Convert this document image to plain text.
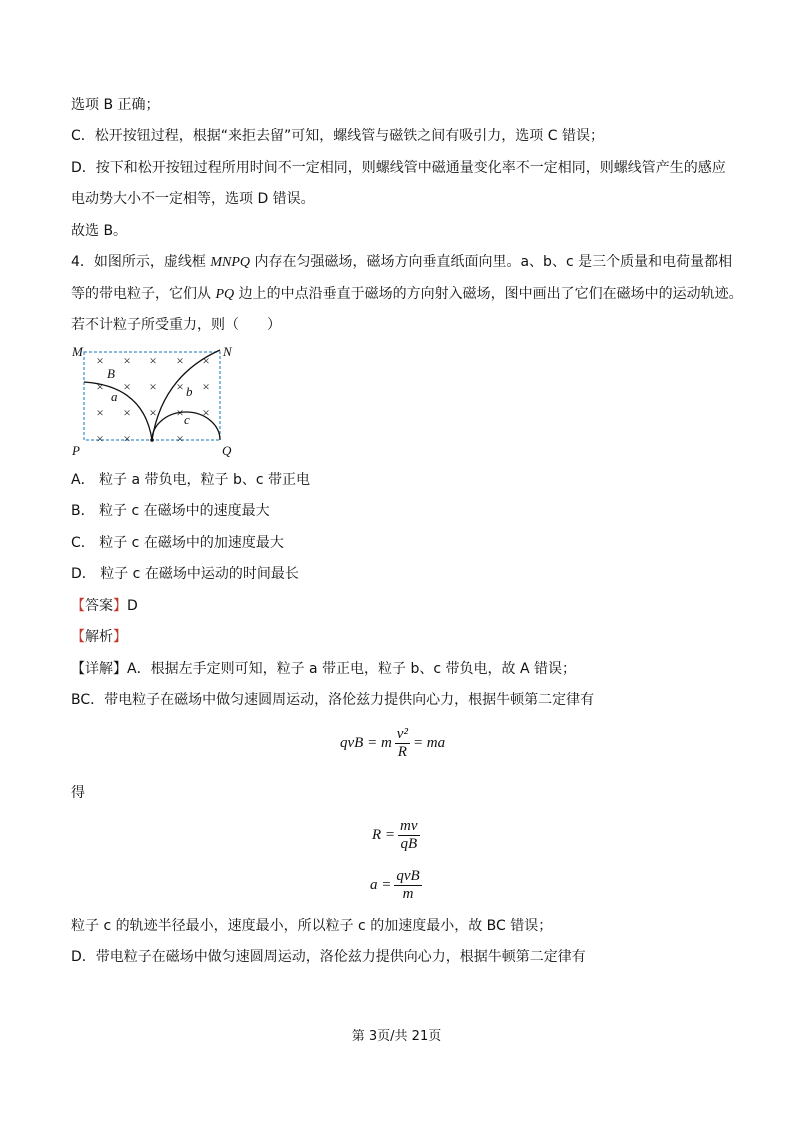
选项 B 正确；
C．松开按钮过程，根据“来拒去留”可知，螺线管与磁铁之间有吸引力，选项 C 错误；
D．按下和松开按钮过程所用时间不一定相同，则螺线管中磁通量变化率不一定相同，则螺线管产生的感应
电动势大小不一定相等，选项 D 错误。
故选 B。
4．如图所示，虚线框 MNPQ 内存在匀强磁场，磁场方向垂直纸面向里。a、b、c 是三个质量和电荷量都相
等的带电粒子，它们从 PQ 边上的中点沿垂直于磁场的方向射入磁场，图中画出了它们在磁场中的运动轨迹。
若不计粒子所受重力，则（　　）
× × × × ×
× × × × ×
× × × × ×
× ×	×
M	N
P	Q
B
a	b
c
A． 粒子 a 带负电，粒子 b、c 带正电
B． 粒子 c 在磁场中的速度最大
C． 粒子 c 在磁场中的加速度最大
D． 粒子 c 在磁场中运动的时间最长
【答案】D
【解析】
【详解】A．根据左手定则可知，粒子 a 带正电，粒子 b、c 带负电，故 A 错误；
BC．带电粒子在磁场中做匀速圆周运动，洛伦兹力提供向心力，根据牛顿第二定律有
qvB = m $\frac{\text{v²}}{R}$ = ma
得
$R = \frac{mv}{qB}$
$a = \frac{\text{qvB}}{m}$
粒子 c 的轨迹半径最小，速度最小，所以粒子 c 的加速度最小，故 BC 错误；
D．带电粒子在磁场中做匀速圆周运动，洛伦兹力提供向心力，根据牛顿第二定律有
第 3页/共 21页
